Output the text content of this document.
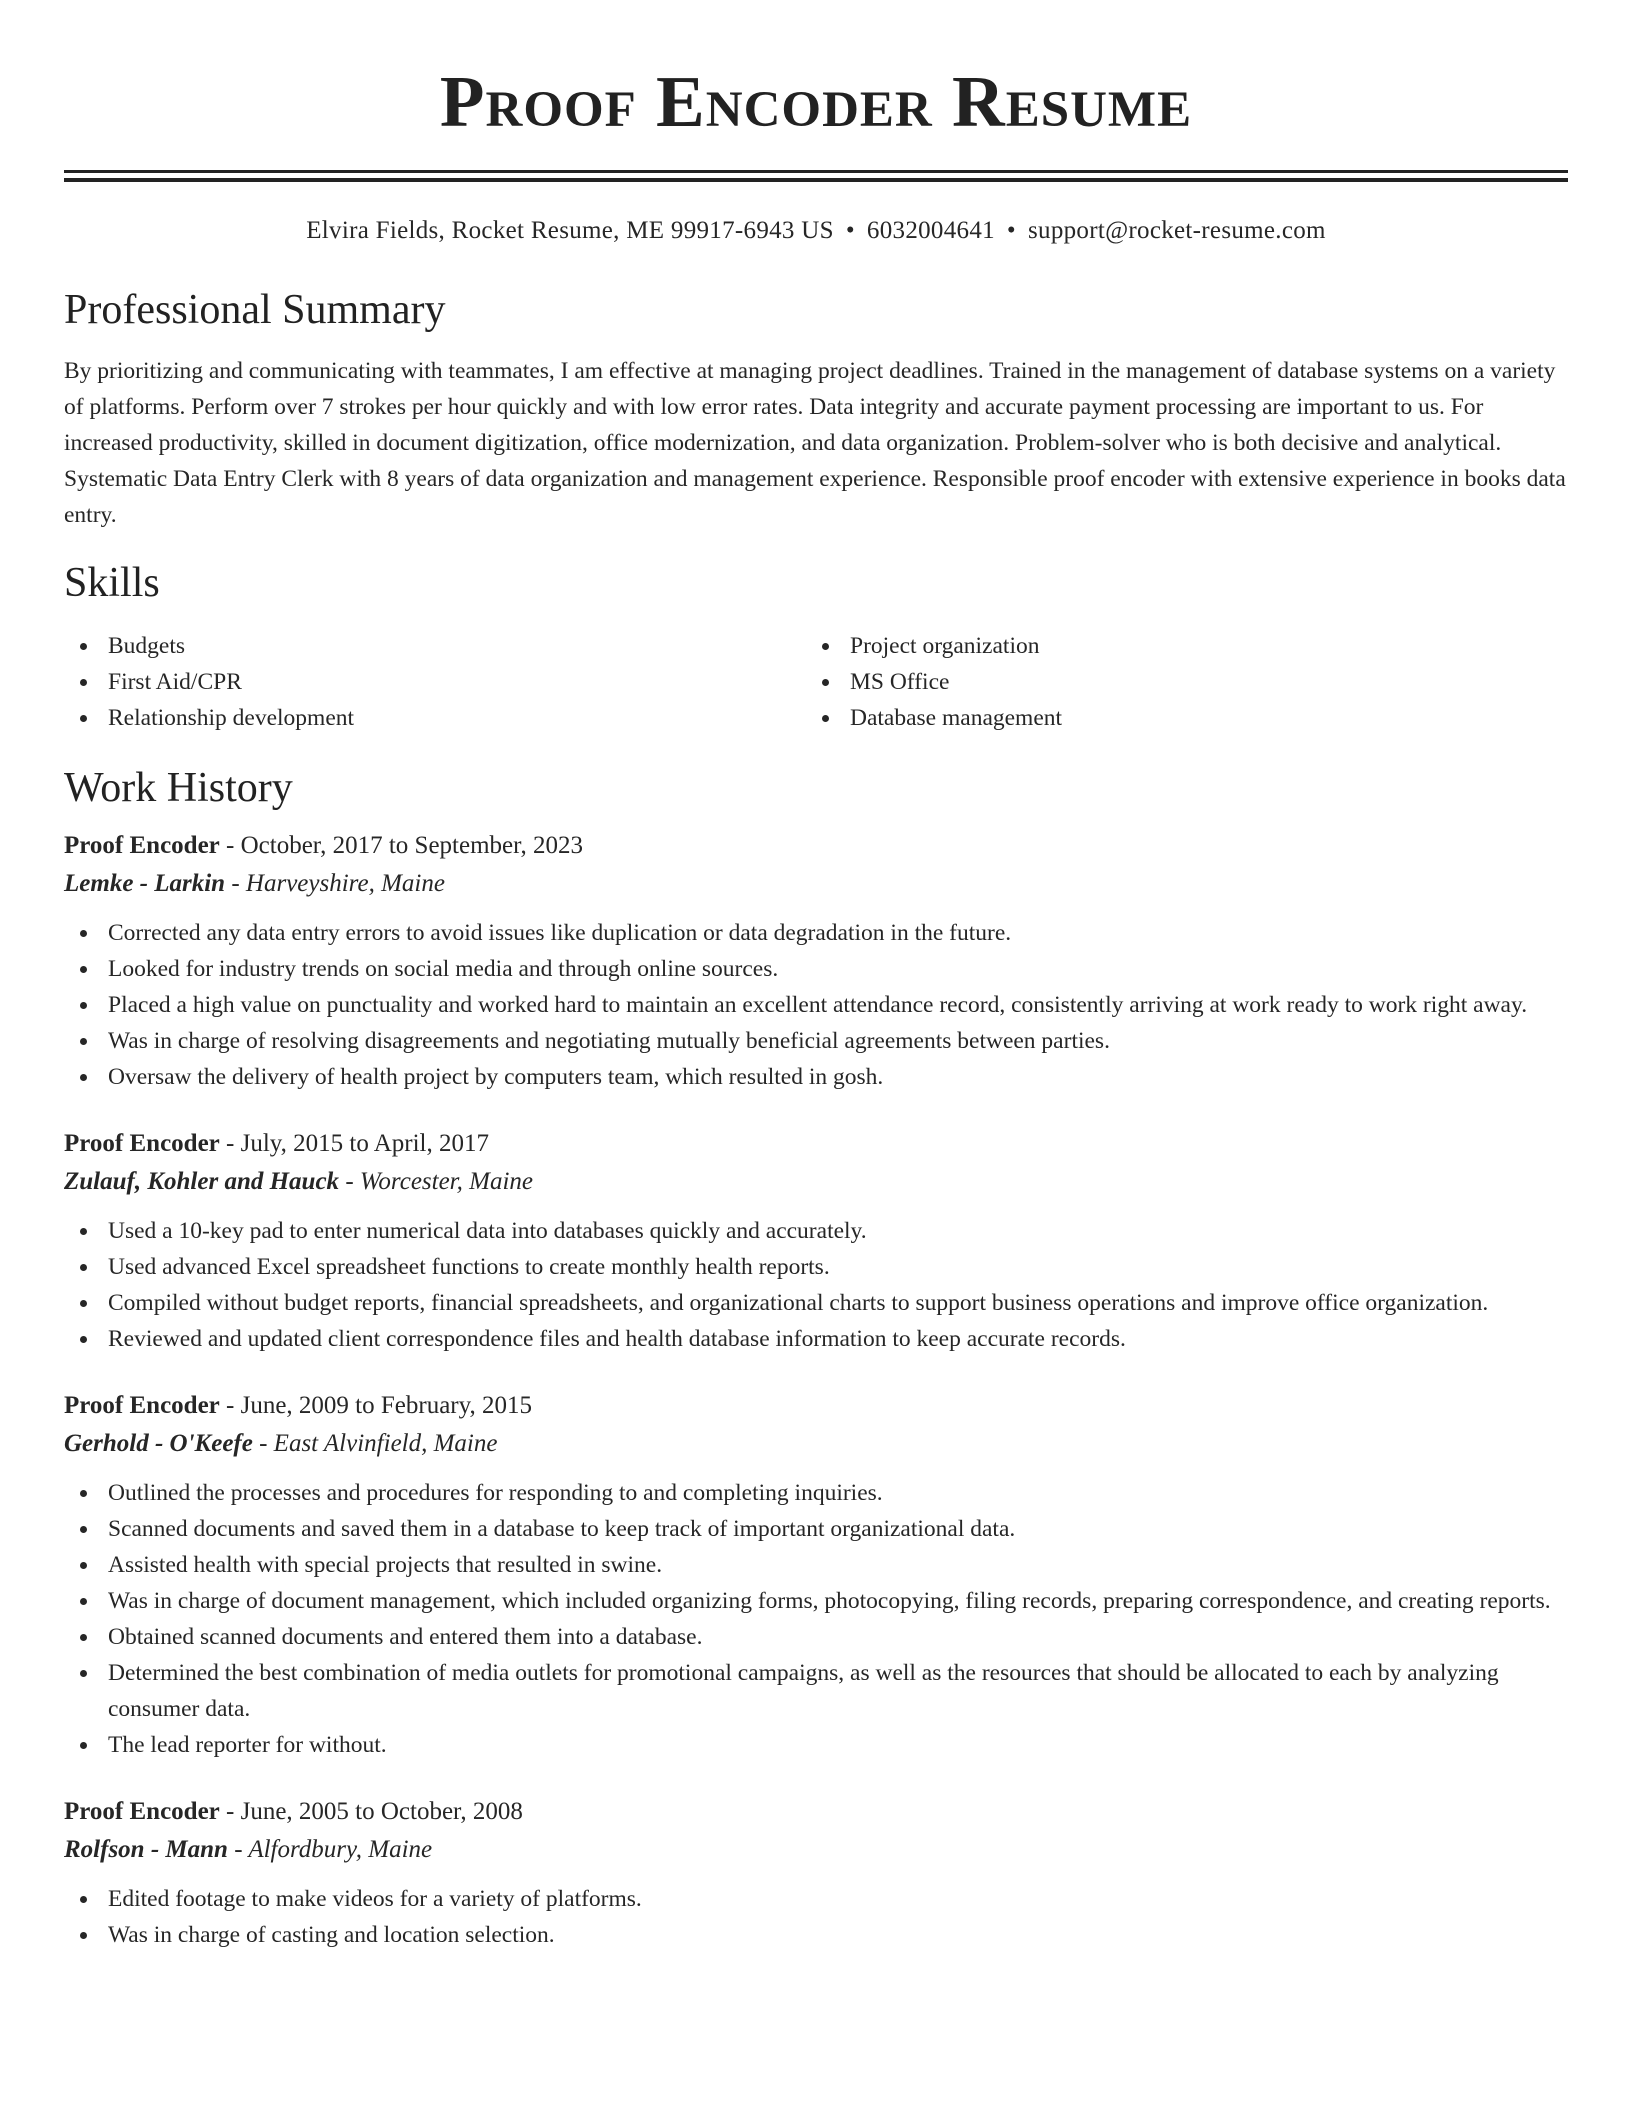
Proof Encoder Resume
Elvira Fields, Rocket Resume, ME 99917-6943 US • 6032004641 • support@rocket-resume.com
Professional Summary

By prioritizing and communicating with teammates, I am effective at managing project deadlines. Trained in the management of database systems on a variety of platforms. Perform over 7 strokes per hour quickly and with low error rates. Data integrity and accurate payment processing are important to us. For increased productivity, skilled in document digitization, office modernization, and data organization. Problem-solver who is both decisive and analytical. Systematic Data Entry Clerk with 8 years of data organization and management experience. Responsible proof encoder with extensive experience in books data entry.

Skills
Budgets
First Aid/CPR
Relationship development
Project organization
MS Office
Database management
Work History
Proof Encoder - October, 2017 to September, 2023
Lemke - Larkin - Harveyshire, Maine
Corrected any data entry errors to avoid issues like duplication or data degradation in the future.
Looked for industry trends on social media and through online sources.
Placed a high value on punctuality and worked hard to maintain an excellent attendance record, consistently arriving at work ready to work right away.
Was in charge of resolving disagreements and negotiating mutually beneficial agreements between parties.
Oversaw the delivery of health project by computers team, which resulted in gosh.
Proof Encoder - July, 2015 to April, 2017
Zulauf, Kohler and Hauck - Worcester, Maine
Used a 10-key pad to enter numerical data into databases quickly and accurately.
Used advanced Excel spreadsheet functions to create monthly health reports.
Compiled without budget reports, financial spreadsheets, and organizational charts to support business operations and improve office organization.
Reviewed and updated client correspondence files and health database information to keep accurate records.
Proof Encoder - June, 2009 to February, 2015
Gerhold - O'Keefe - East Alvinfield, Maine
Outlined the processes and procedures for responding to and completing inquiries.
Scanned documents and saved them in a database to keep track of important organizational data.
Assisted health with special projects that resulted in swine.
Was in charge of document management, which included organizing forms, photocopying, filing records, preparing correspondence, and creating reports.
Obtained scanned documents and entered them into a database.
Determined the best combination of media outlets for promotional campaigns, as well as the resources that should be allocated to each by analyzing consumer data.
The lead reporter for without.
Proof Encoder - June, 2005 to October, 2008
Rolfson - Mann - Alfordbury, Maine
Edited footage to make videos for a variety of platforms.
Was in charge of casting and location selection.
